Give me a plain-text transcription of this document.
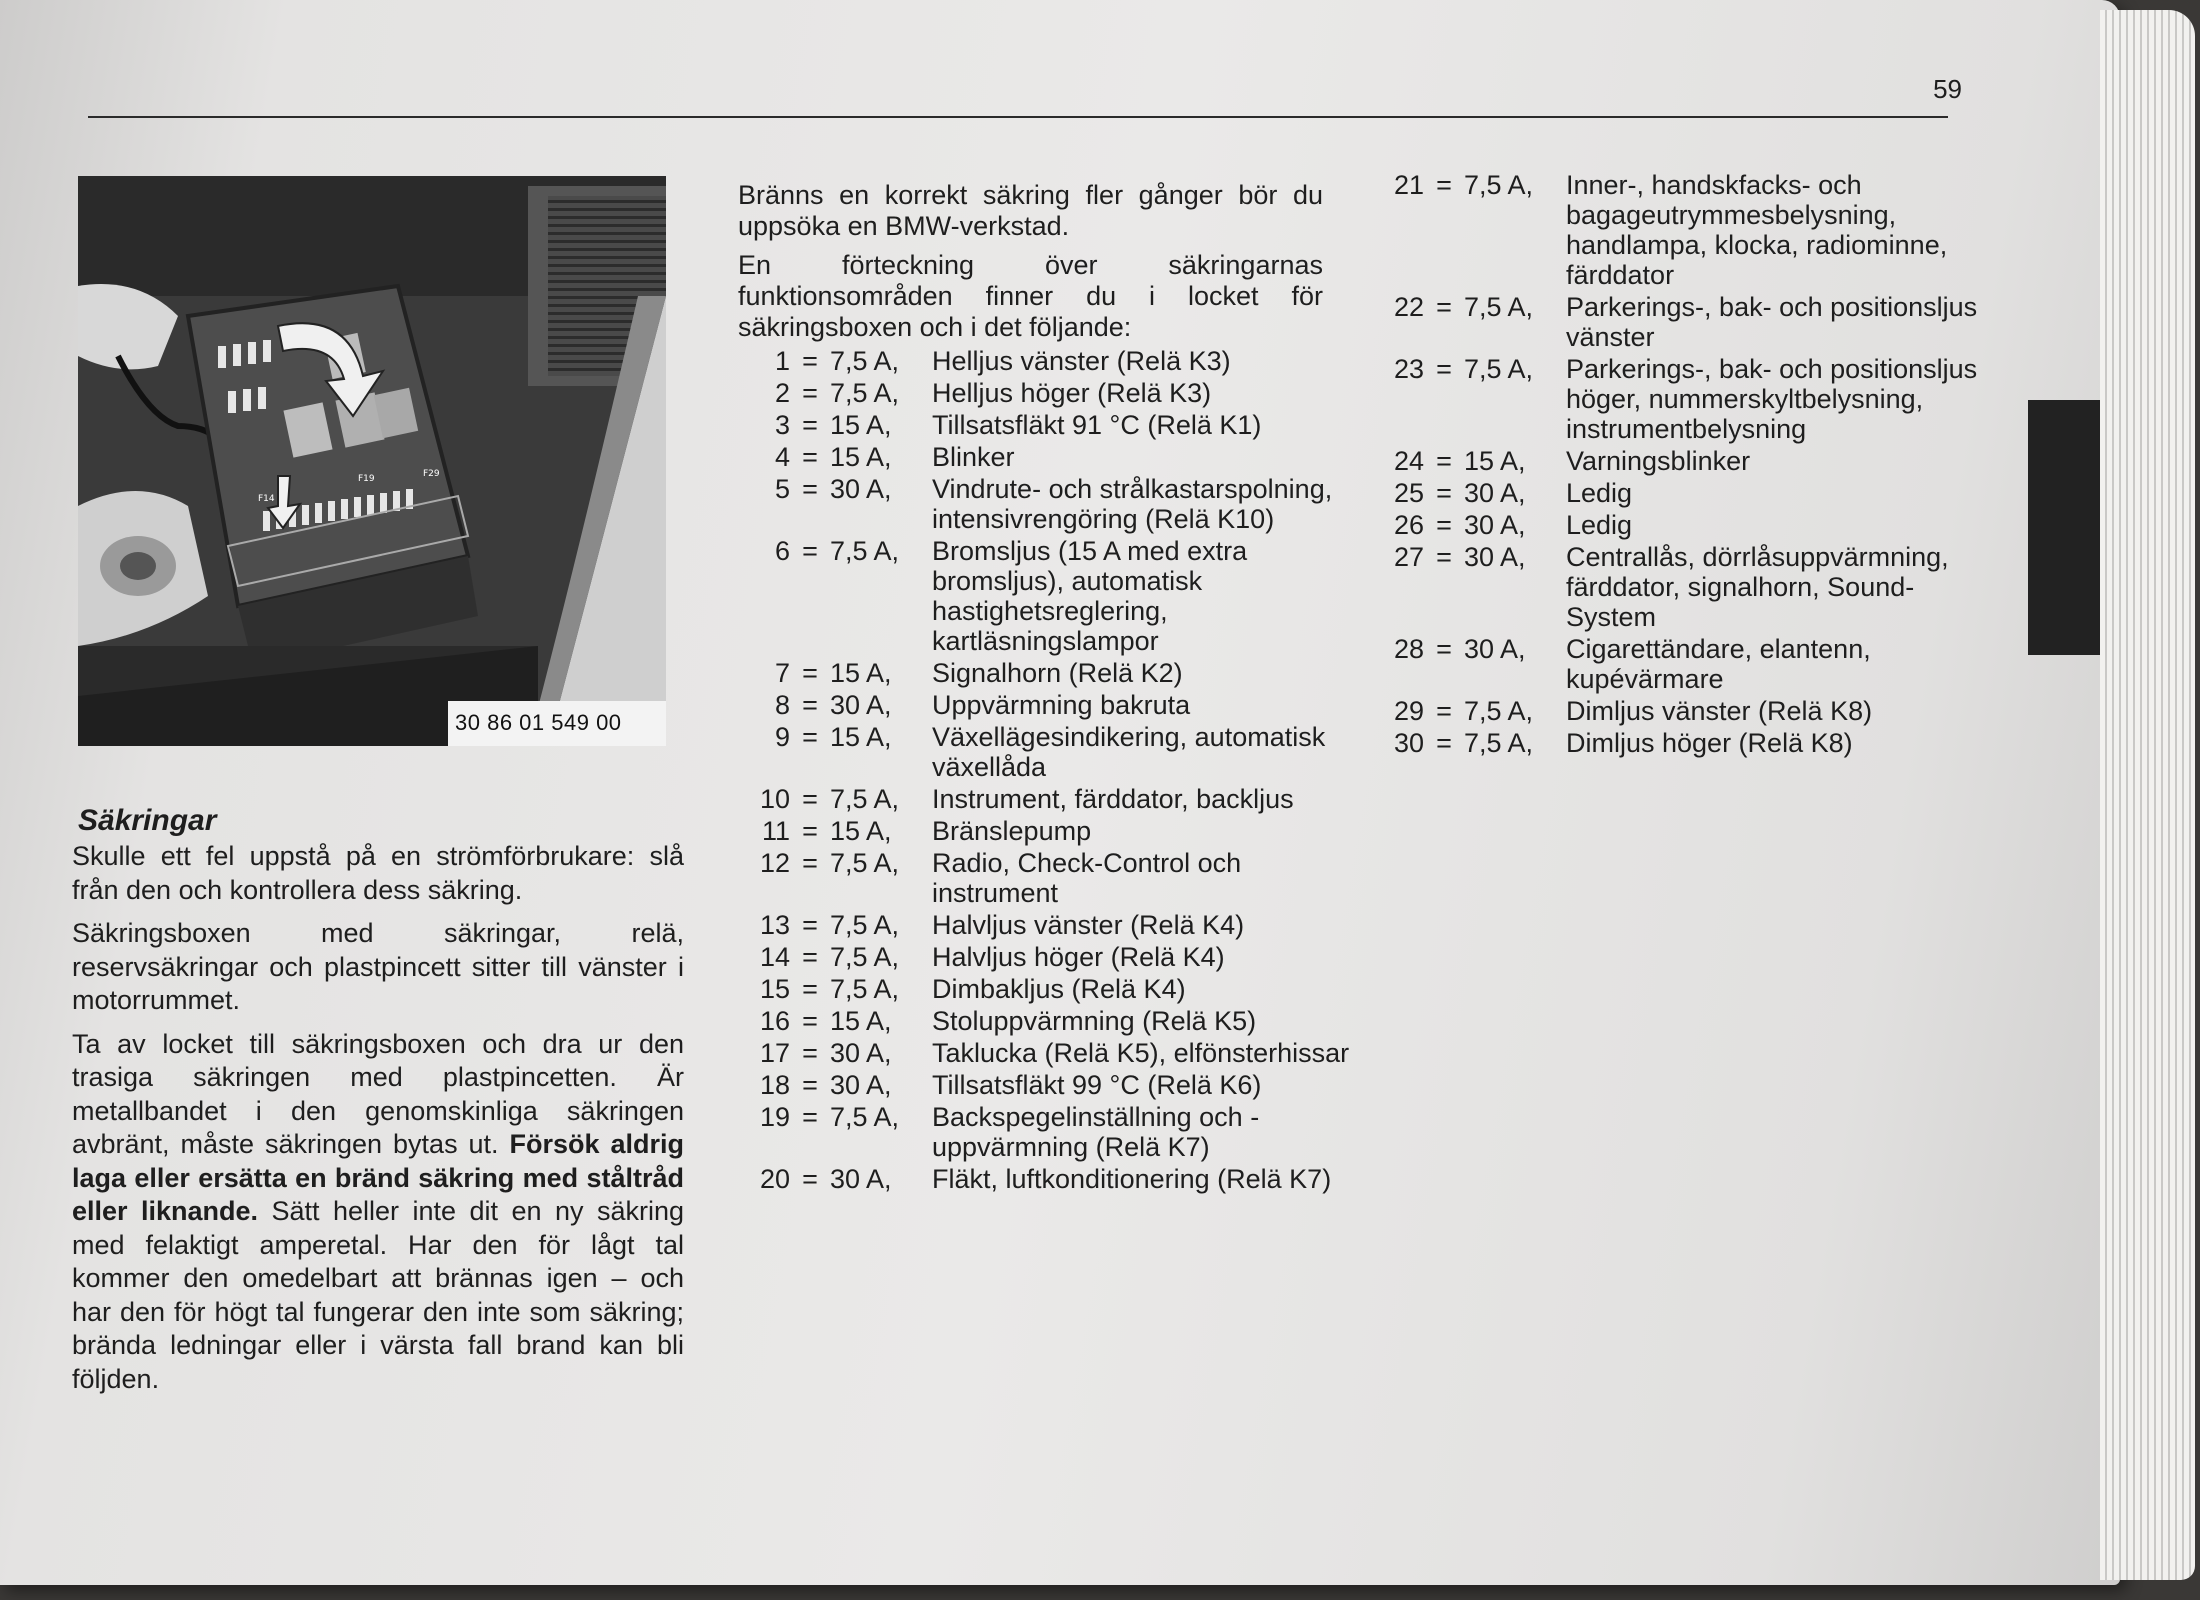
59
F14
F19	F29
30 86 01 549 00
Säkringar

Skulle ett fel uppstå på en strömförbrukare: slå från den och kontrollera dess säkring.

Säkringsboxen med säkringar, relä, reservsäkringar och plastpincett sitter till vänster i motorrummet.

Ta av locket till säkringsboxen och dra ur den trasiga säkringen med plastpincetten. Är metallbandet i den genomskinliga säkringen avbränt, måste säkringen bytas ut. Försök aldrig laga eller ersätta en bränd säkring med ståltråd eller liknande. Sätt heller inte dit en ny säkring med felaktigt amperetal. Har den för lågt tal kommer den omedelbart att brännas igen – och har den för högt tal fungerar den inte som säkring; brända ledningar eller i värsta fall brand kan bli följden.

Bränns en korrekt säkring fler gånger bör du uppsöka en BMW-verkstad.

En förteckning över säkringarnas funktionsområden finner du i locket för säkringsboxen och i det följande:

1 = 7,5 A,	Helljus vänster (Relä K3)
2 = 7,5 A,	Helljus höger (Relä K3)
3 = 15 A,	Tillsatsfläkt 91 °C (Relä K1)
4 = 15 A,	Blinker
5 = 30 A,	Vindrute- och strålkastarspolning, intensivrengöring (Relä K10)
6 = 7,5 A,	Bromsljus (15 A med extra bromsljus), automatisk hastighetsreglering, kartläsningslampor
7 = 15 A,	Signalhorn (Relä K2)
8 = 30 A,	Uppvärmning bakruta
9 = 15 A,	Växellägesindikering, automatisk växellåda
10 = 7,5 A,	Instrument, färddator, backljus
11 = 15 A,	Bränslepump
12 = 7,5 A,	Radio, Check-Control och instrument
13 = 7,5 A,	Halvljus vänster (Relä K4)
14 = 7,5 A,	Halvljus höger (Relä K4)
15 = 7,5 A,	Dimbakljus (Relä K4)
16 = 15 A,	Stoluppvärmning (Relä K5)
17 = 30 A,	Taklucka (Relä K5), elfönsterhissar
18 = 30 A,	Tillsatsfläkt 99 °C (Relä K6)
19 = 7,5 A,	Backspegelinställning och -uppvärmning (Relä K7)
20 = 30 A,	Fläkt, luftkonditionering (Relä K7)
21 = 7,5 A,	Inner-, handskfacks- och bagageutrymmesbelysning, handlampa, klocka, radiominne, färddator
22 = 7,5 A,	Parkerings-, bak- och positionsljus vänster
23 = 7,5 A,	Parkerings-, bak- och positionsljus höger, nummerskyltbelysning, instrumentbelysning
24 = 15 A,	Varningsblinker
25 = 30 A,	Ledig
26 = 30 A,	Ledig
27 = 30 A,	Centrallås, dörrlåsuppvärmning, färddator, signalhorn, Sound-System
28 = 30 A,	Cigarettändare, elantenn, kupévärmare
29 = 7,5 A,	Dimljus vänster (Relä K8)
30 = 7,5 A,	Dimljus höger (Relä K8)
